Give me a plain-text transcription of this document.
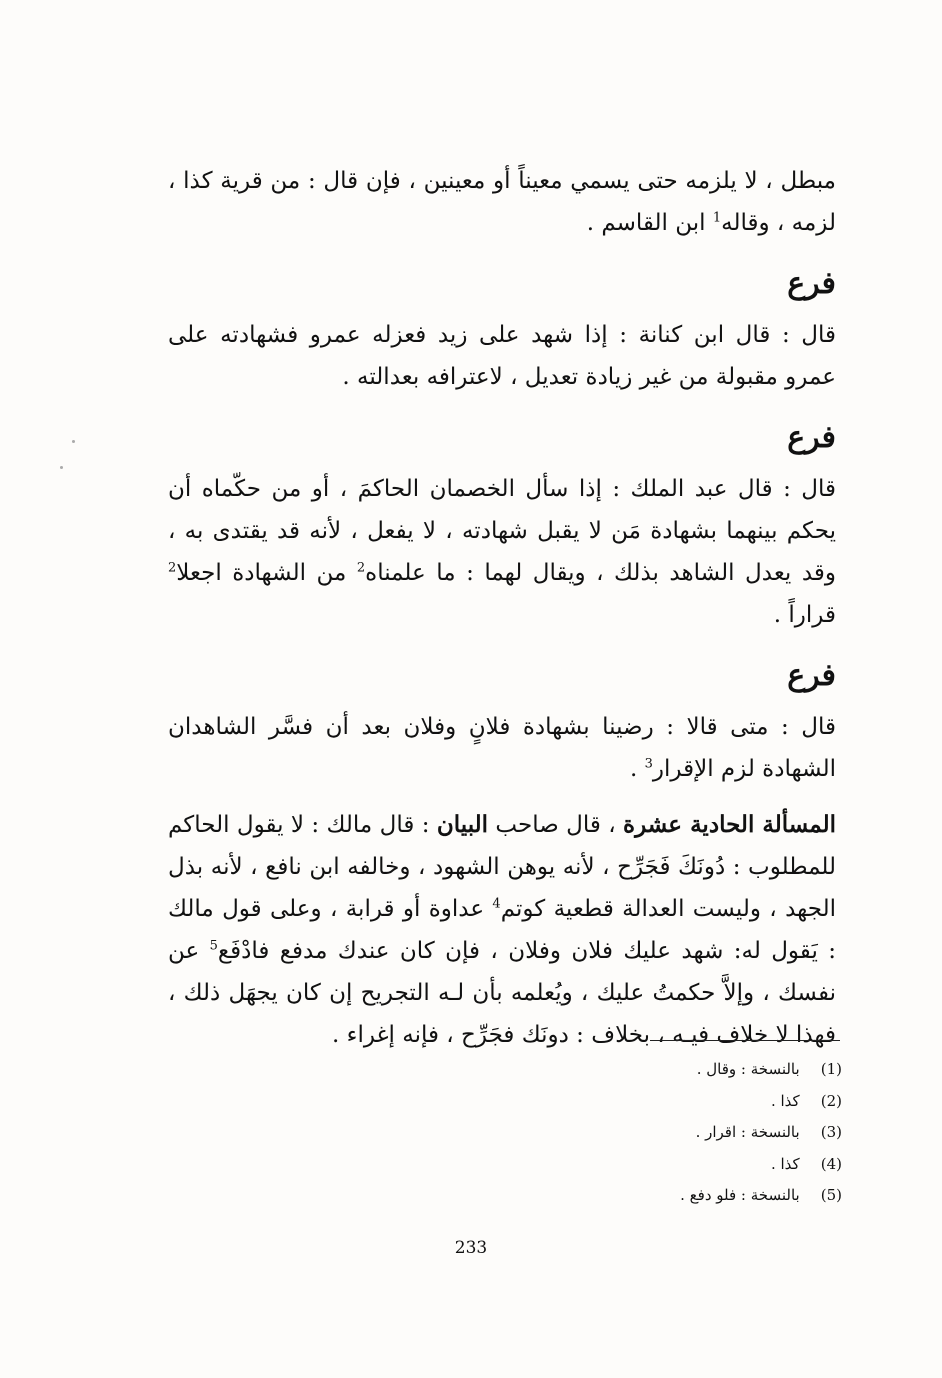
مبطل ، لا يلزمه حتى يسمي معيناً أو معينين ، فإن قال : من قرية كذا ، لزمه ، وقاله$^1$ ابن القاسم .

فرع

قال : قال ابن كنانة : إذا شهد على زيد فعزله عمرو فشهادته على عمرو مقبولة من غير زيادة تعديل ، لاعترافه بعدالته .

فرع

قال : قال عبد الملك : إذا سأل الخصمان الحاكمَ ، أو من حكّماه أن يحكم بينهما بشهادة مَن لا يقبل شهادته ، لا يفعل ، لأنه قد يقتدى به ، وقد يعدل الشاهد بذلك ، ويقال لهما : ما علمناه$^2$ من الشهادة اجعلا$^2$ قراراً .

فرع

قال : متى قالا : رضينا بشهادة فلانٍ وفلان بعد أن فسَّر الشاهدان الشهادة لزم الإقرار$^3$ .

المسألة الحادية عشرة ، قال صاحب البيان : قال مالك : لا يقول الحاكم للمطلوب : دُونَكَ فَجَرِّح ، لأنه يوهن الشهود ، وخالفه ابن نافع ، لأنه بذل الجهد ، وليست العدالة قطعية كوتم$^4$ عداوة أو قرابة ، وعلى قول مالك : يَقول له: شهد عليك فلان وفلان ، فإن كان عندك مدفع فادْفَع$^5$ عن نفسك ، وإلاَّ حكمتُ عليك ، ويُعلمه بأن لـه التجريح إن كان يجهَل ذلك ، فهذا لا خلاف فيـه ، بخلاف : دونَك فجَرِّح ، فإنه إغراء .

(1)   بالنسخة : وقال .
(2)   كذا .
(3)   بالنسخة : اقرار .
(4)   كذا .
(5)   بالنسخة : فلو دفع .
233
